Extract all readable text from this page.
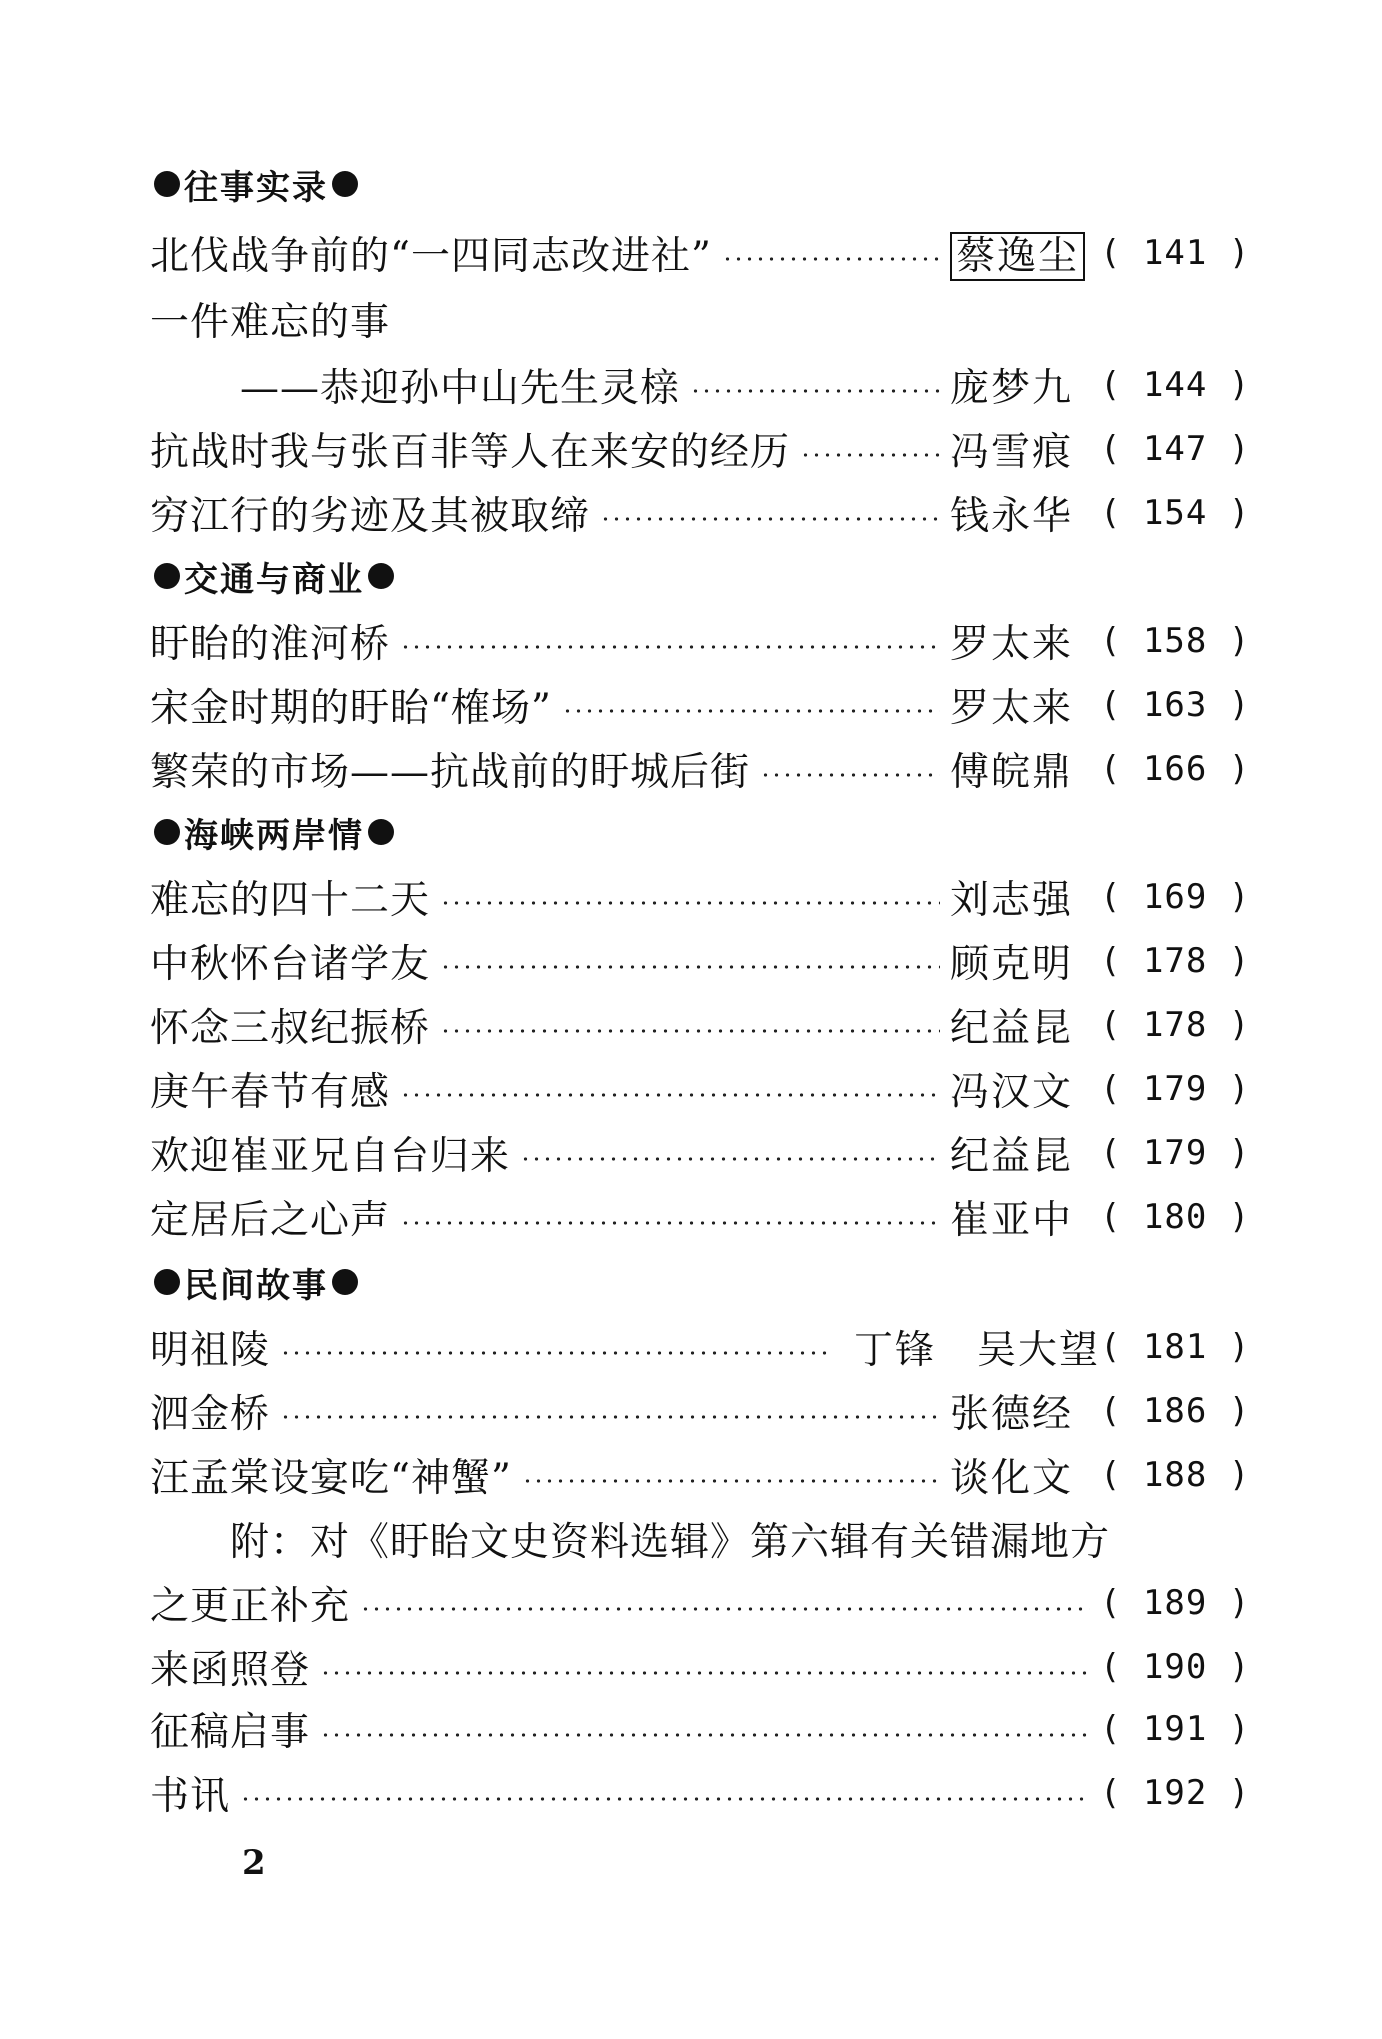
往事实录
北伐战争前的“一四同志改进社”	蔡逸尘 ( 141 )
一件难忘的事
——恭迎孙中山先生灵榇	庞梦九 ( 144 )
抗战时我与张百非等人在来安的经历	冯雪痕 ( 147 )
穷江行的劣迹及其被取缔	钱永华 ( 154 )
交通与商业
盱眙的淮河桥	罗太来 ( 158 )
宋金时期的盱眙“榷场”	罗太来 ( 163 )
繁荣的市场——抗战前的盱城后街	傅皖鼎 ( 166 )
海峡两岸情
难忘的四十二天	刘志强 ( 169 )
中秋怀台诸学友	顾克明 ( 178 )
怀念三叔纪振桥	纪益昆 ( 178 )
庚午春节有感	冯汉文 ( 179 )
欢迎崔亚兄自台归来	纪益昆 ( 179 )
定居后之心声	崔亚中 ( 180 )
民间故事
明祖陵	丁锋　吴大望 ( 181 )
泗金桥	张德经 ( 186 )
汪孟棠设宴吃“神蟹”	谈化文 ( 188 )
附：对《盱眙文史资料选辑》第六辑有关错漏地方
之更正补充	( 189 )
来函照登	( 190 )
征稿启事	( 191 )
书讯	( 192 )
2
